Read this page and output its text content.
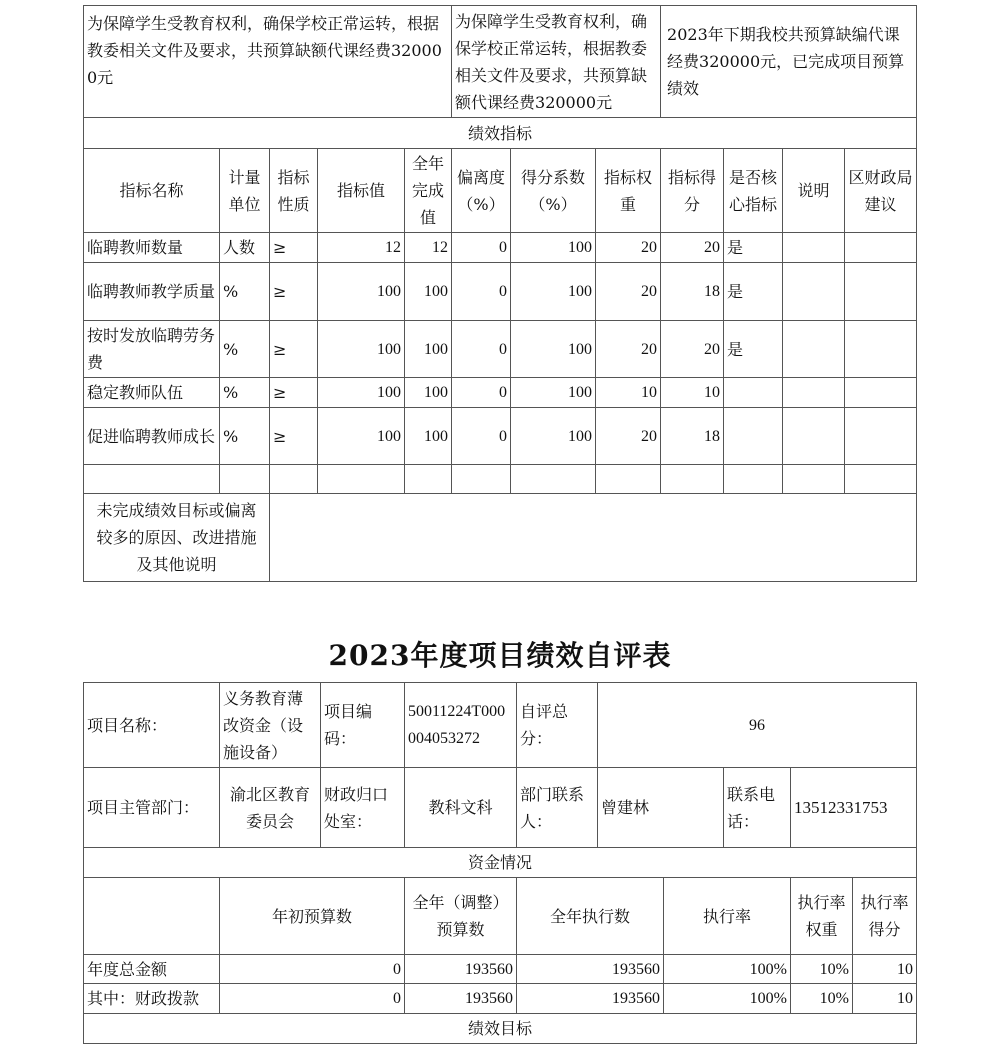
为保障学生受教育权利，确保学校正常运转，根据教委相关文件及要求，共预算缺额代课经费320000元					为保障学生受教育权利，确保学校正常运转，根据教委相关文件及要求，共预算缺额代课经费320000元			2023年下期我校共预算缺编代课经费320000元，已完成项目预算绩效			
绩效指标											
指标名称	计量单位	指标性质	指标值	全年完成值	偏离度（%）	得分系数（%）	指标权重	指标得分	是否核心指标	说明	区财政局建议
临聘教师数量	人数	≥	12	12	0	100	20	20	是		
临聘教师教学质量	%	≥	100	100	0	100	20	18	是		
按时发放临聘劳务费	%	≥	100	100	0	100	20	20	是		
稳定教师队伍	%	≥	100	100	0	100	10	10			
促进临聘教师成长	%	≥	100	100	0	100	20	18			

未完成绩效目标或偏离较多的原因、改进措施及其他说明											
2023年度项目绩效自评表
项目名称：	义务教育薄改资金（设施设备）	项目编码：	50011224T000004053272	自评总分：	96				
项目主管部门：	渝北区教育委员会	财政归口处室：	教科文科	部门联系人：	曾建林		联系电话：	13512331753	
资金情况									
	年初预算数		全年（调整）预算数	全年执行数		执行率		执行率权重	执行率得分
年度总金额	0		193560	193560		100%		10%	10
其中：财政拨款	0		193560	193560		100%		10%	10
绩效目标									
